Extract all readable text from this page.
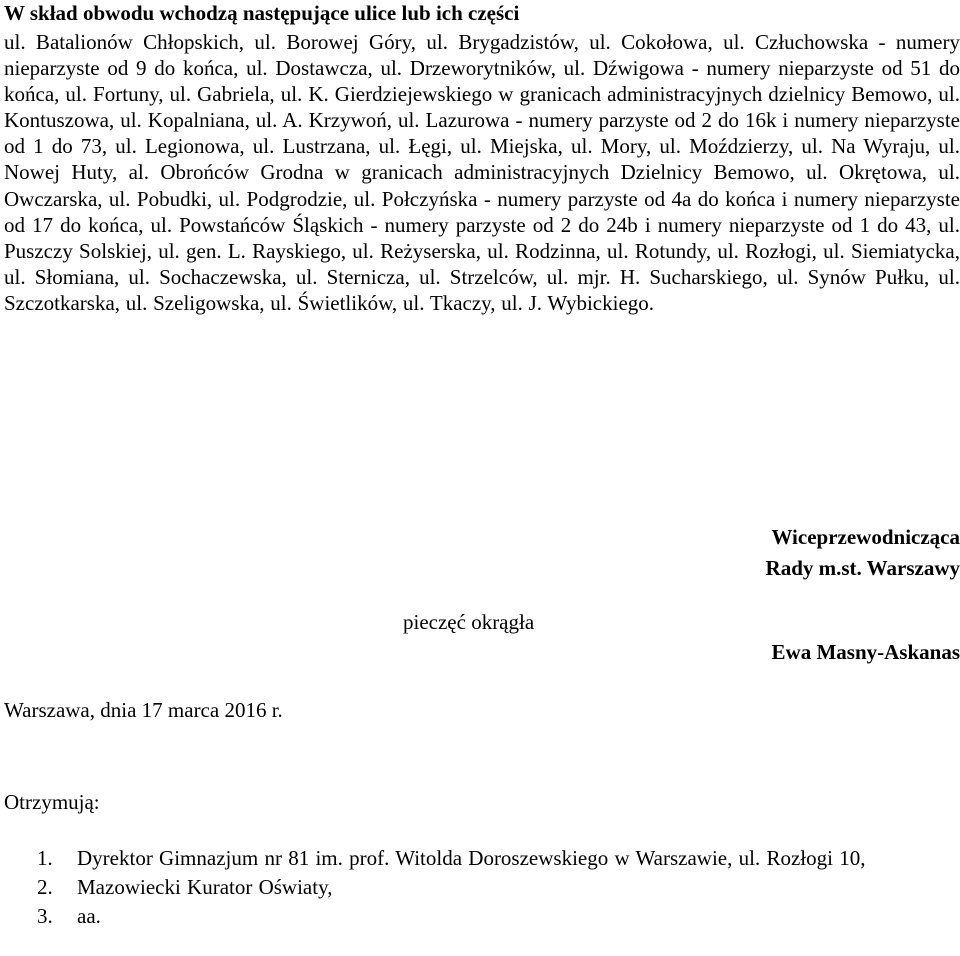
W skład obwodu wchodzą następujące ulice lub ich części
ul. Batalionów Chłopskich, ul. Borowej Góry, ul. Brygadzistów, ul. Cokołowa, ul. Człuchowska - numery nieparzyste od 9 do końca, ul. Dostawcza, ul. Drzeworytników, ul. Dźwigowa - numery nieparzyste od 51 do końca, ul. Fortuny, ul. Gabriela, ul. K. Gierdziejewskiego w granicach administracyjnych dzielnicy Bemowo, ul. Kontuszowa, ul. Kopalniana, ul. A. Krzywoń, ul. Lazurowa - numery parzyste od 2 do 16k i numery nieparzyste od 1 do 73, ul. Legionowa, ul. Lustrzana, ul. Łęgi, ul. Miejska, ul. Mory, ul. Moździerzy, ul. Na Wyraju, ul. Nowej Huty, al. Obrońców Grodna w granicach administracyjnych Dzielnicy Bemowo, ul. Okrętowa, ul. Owczarska, ul. Pobudki, ul. Podgrodzie, ul. Połczyńska - numery parzyste od 4a do końca i numery nieparzyste od 17 do końca, ul. Powstańców Śląskich - numery parzyste od 2 do 24b i numery nieparzyste od 1 do 43, ul. Puszczy Solskiej, ul. gen. L. Rayskiego, ul. Reżyserska, ul. Rodzinna, ul. Rotundy, ul. Rozłogi, ul. Siemiatycka, ul. Słomiana, ul. Sochaczewska, ul. Sternicza, ul. Strzelców, ul. mjr. H. Sucharskiego, ul. Synów Pułku, ul. Szczotkarska, ul. Szeligowska, ul. Świetlików, ul. Tkaczy, ul. J. Wybickiego.
Wiceprzewodnicząca
Rady m.st. Warszawy
pieczęć okrągła
Ewa Masny-Askanas
Warszawa, dnia 17 marca 2016 r.
Otrzymują:
1.	Dyrektor Gimnazjum nr 81 im. prof. Witolda Doroszewskiego w Warszawie, ul. Rozłogi 10,
2.	Mazowiecki Kurator Oświaty,
3.	aa.
